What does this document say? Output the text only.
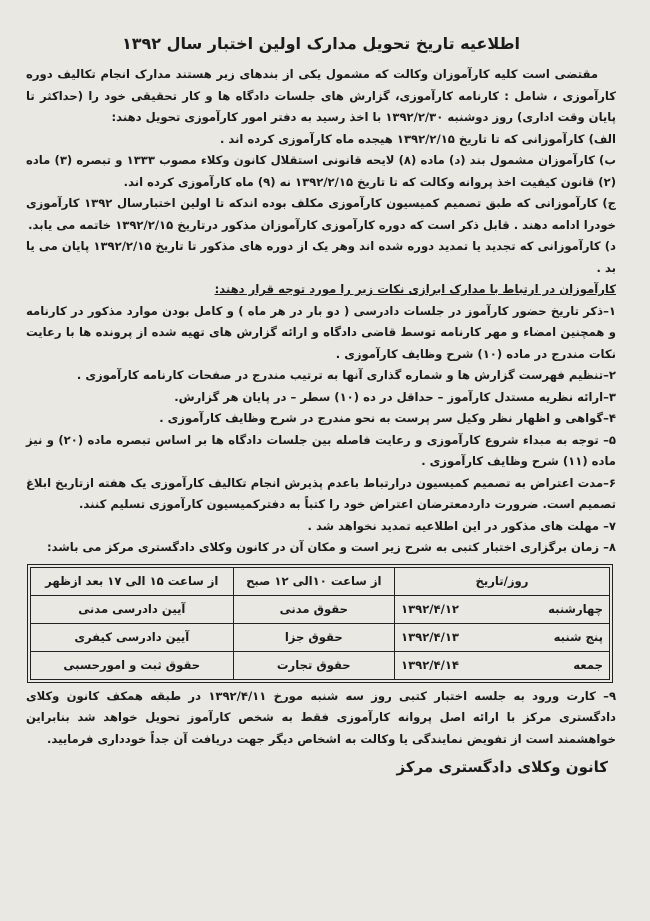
اطلاعیه تاریخ تحویل مدارک اولین اختبار سال ۱۳۹۲

مقتضی است کلیه کارآموزان وکالت که مشمول یکی از بندهای زیر هستند مدارک انجام تکالیف دوره کارآموزی ، شامل : کارنامه کارآموزی، گزارش های جلسات دادگاه ها و کار تحقیقی خود را (حداکثر تا پایان وقت اداری) روز دوشنبه ۱۳۹۲/۲/۳۰ با اخذ رسید به دفتر امور کارآموزی تحویل دهند:

الف) کارآموزانی که تا تاریخ ۱۳۹۲/۲/۱۵ هیجده ماه کارآموزی کرده اند .

ب) کارآموزان مشمول بند (د) ماده (۸) لایحه قانونی استقلال کانون وکلاء مصوب ۱۳۳۳ و تبصره (۳) ماده (۲) قانون کیفیت اخذ پروانه وکالت که تا تاریخ ۱۳۹۲/۲/۱۵ نه (۹) ماه کارآموزی کرده اند.

ج) کارآموزانی که طبق تصمیم کمیسیون کارآموزی مکلف بوده اندکه تا اولین اختبارسال ۱۳۹۲ کارآموزی خودرا ادامه دهند . قابل ذکر است که دوره کارآموزی کارآموزان مذکور درتاریخ ۱۳۹۲/۲/۱۵ خاتمه می یابد.

د) کارآموزانی که تجدید یا تمدید دوره شده اند وهر یک از دوره های مذکور تا تاریخ ۱۳۹۲/۲/۱۵ پایان می یا بد .

کارآموزان در ارتباط با مدارک ابرازی نکات زیر را مورد توجه قرار دهند:

۱–ذکر تاریخ حضور کارآموز در جلسات دادرسی ( دو بار در هر ماه ) و کامل بودن موارد مذکور در کارنامه و همچنین امضاء و مهر کارنامه توسط قاضی دادگاه و ارائه گزارش های تهیه شده از پرونده ها با رعایت نکات مندرج در ماده (۱۰) شرح وظایف کارآموزی .

۲–تنظیم فهرست گزارش ها و شماره گذاری آنها به ترتیب مندرج در صفحات کارنامه کارآموزی .

۳–ارائه نظریه مستدل کارآموز – حداقل در ده (۱۰) سطر – در پایان هر گزارش.

۴–گواهی و اظهار نظر وکیل سر پرست به نحو مندرج در شرح وظایف کارآموزی .

۵– توجه به مبداء شروع کارآموزی و رعایت فاصله بین جلسات دادگاه ها بر اساس تبصره ماده (۲۰) و نیز ماده (۱۱) شرح وظایف کارآموزی .

۶–مدت اعتراض به تصمیم کمیسیون درارتباط باعدم پذیرش انجام تکالیف کارآموزی یک هفته ازتاریخ ابلاغ تصمیم است. ضرورت داردمعترضان اعتراض خود را کتباً به دفترکمیسیون کارآموزی تسلیم کنند.

۷– مهلت های مذکور در این اطلاعیه تمدید نخواهد شد .

۸– زمان برگزاری اختبار کتبی به شرح زیر است و مکان آن در کانون وکلای دادگستری مرکز می باشد:

روز/تاریخ		از ساعت ۱۰الی ۱۲ صبح	از ساعت ۱۵ الی ۱۷ بعد ازظهر
چهارشنبه	۱۳۹۲/۴/۱۲	حقوق مدنی	آیین دادرسی مدنی
پنج شنبه	۱۳۹۲/۴/۱۳	حقوق جزا	آیین دادرسی کیفری
جمعه	۱۳۹۲/۴/۱۴	حقوق تجارت	حقوق ثبت و امورحسبی

۹– کارت ورود به جلسه اختبار کتبی روز سه شنبه مورخ ۱۳۹۲/۴/۱۱ در طبقه همکف کانون وکلای دادگستری مرکز با ارائه اصل پروانه کارآموزی فقط به شخص کارآموز تحویل خواهد شد بنابراین خواهشمند است از تفویض نمایندگی یا وکالت به اشخاص دیگر جهت دریافت آن جداً خودداری فرمایید.

کانون وکلای دادگستری مرکز
